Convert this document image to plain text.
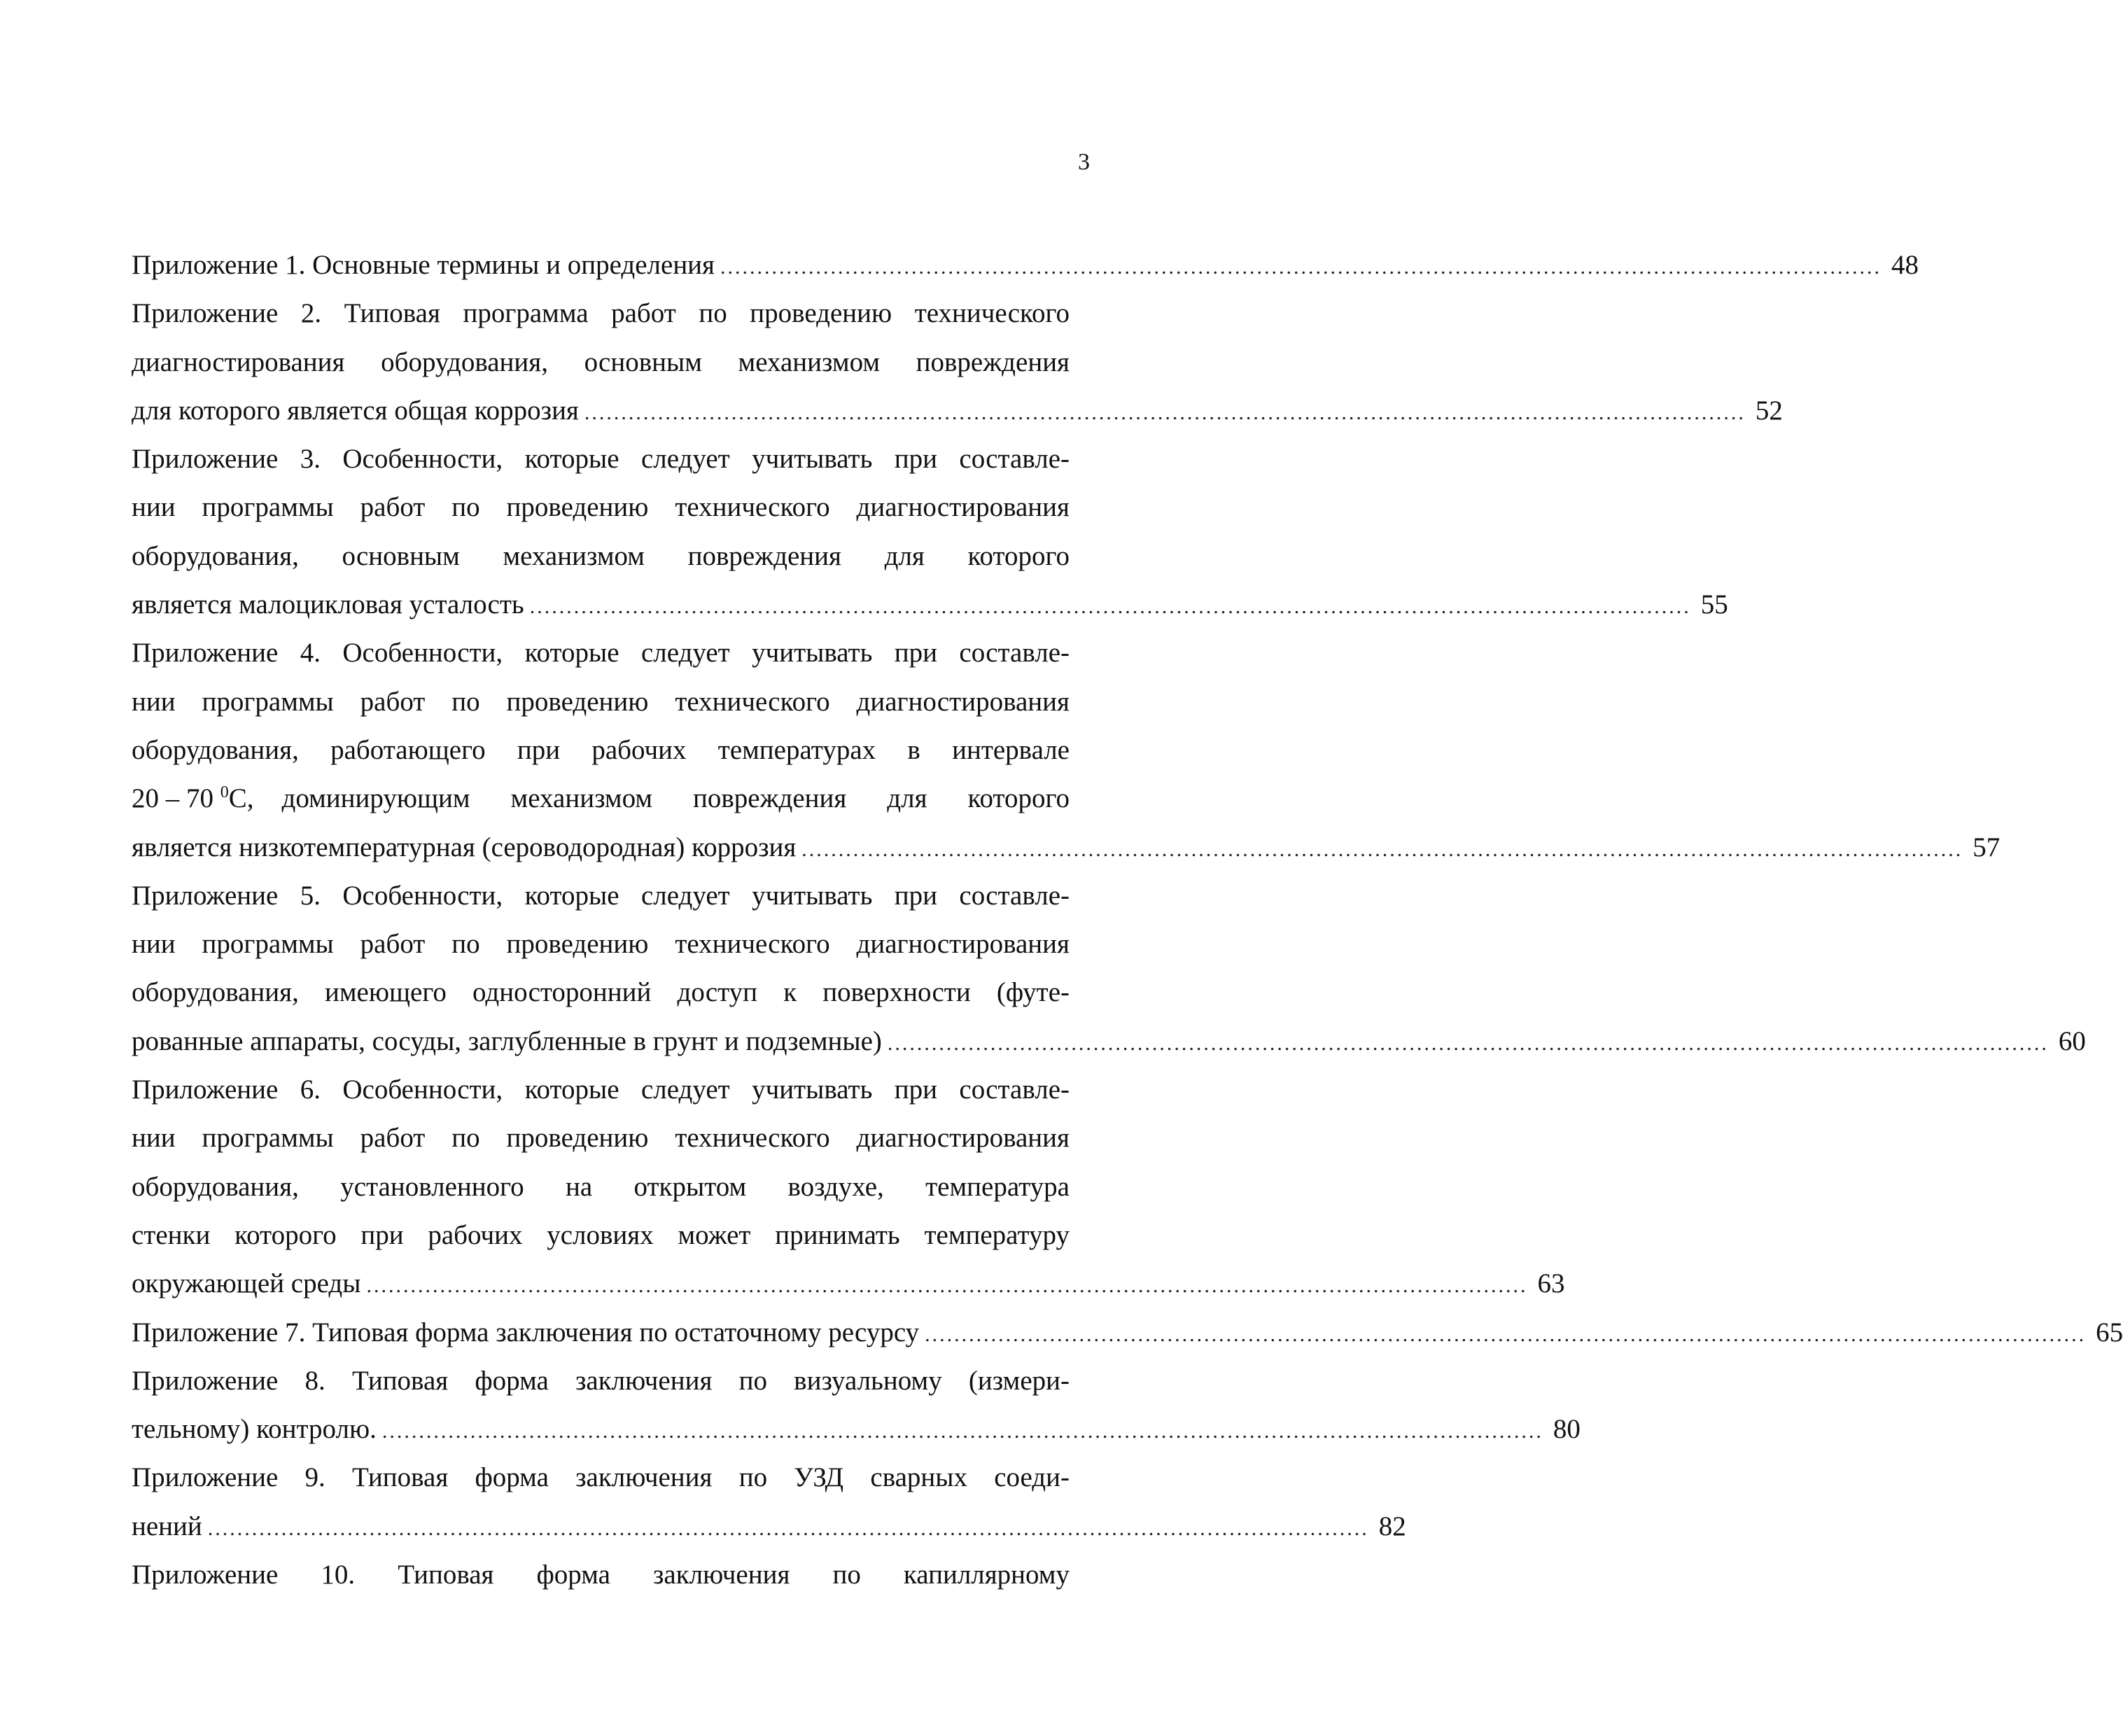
3
Приложение 1. Основные термины и определения .............................................................................................................................................................. 48
Приложение 2. Типовая программа работ по проведению технического
диагностирования оборудования, основным механизмом повреждения
для которого является общая коррозия .............................................................................................................................................................. 52
Приложение 3. Особенности, которые следует учитывать при составле-
нии программы работ по проведению технического диагностирования
оборудования, основным механизмом повреждения для которого
является малоцикловая усталость .............................................................................................................................................................. 55
Приложение 4. Особенности, которые следует учитывать при составле-
нии программы работ по проведению технического диагностирования
оборудования, работающего при рабочих температурах в интервале
20 – 70 $^0$С,	доминирующим механизмом повреждения для которого
является низкотемпературная (сероводородная) коррозия .............................................................................................................................................................. 57
Приложение 5. Особенности, которые следует учитывать при составле-
нии программы работ по проведению технического диагностирования
оборудования, имеющего односторонний доступ к поверхности (футе-
рованные аппараты, сосуды, заглубленные в грунт и подземные) .............................................................................................................................................................. 60
Приложение 6. Особенности, которые следует учитывать при составле-
нии программы работ по проведению технического диагностирования
оборудования, установленного на открытом воздухе, температура
стенки которого при рабочих условиях может принимать температуру
окружающей среды .............................................................................................................................................................. 63
Приложение 7. Типовая форма заключения по остаточному ресурсу .............................................................................................................................................................. 65
Приложение 8. Типовая форма заключения по визуальному (измери-
тельному) контролю. .............................................................................................................................................................. 80
Приложение 9. Типовая форма заключения по УЗД сварных соеди-
нений .............................................................................................................................................................. 82
Приложение 10. Типовая форма заключения по капиллярному
